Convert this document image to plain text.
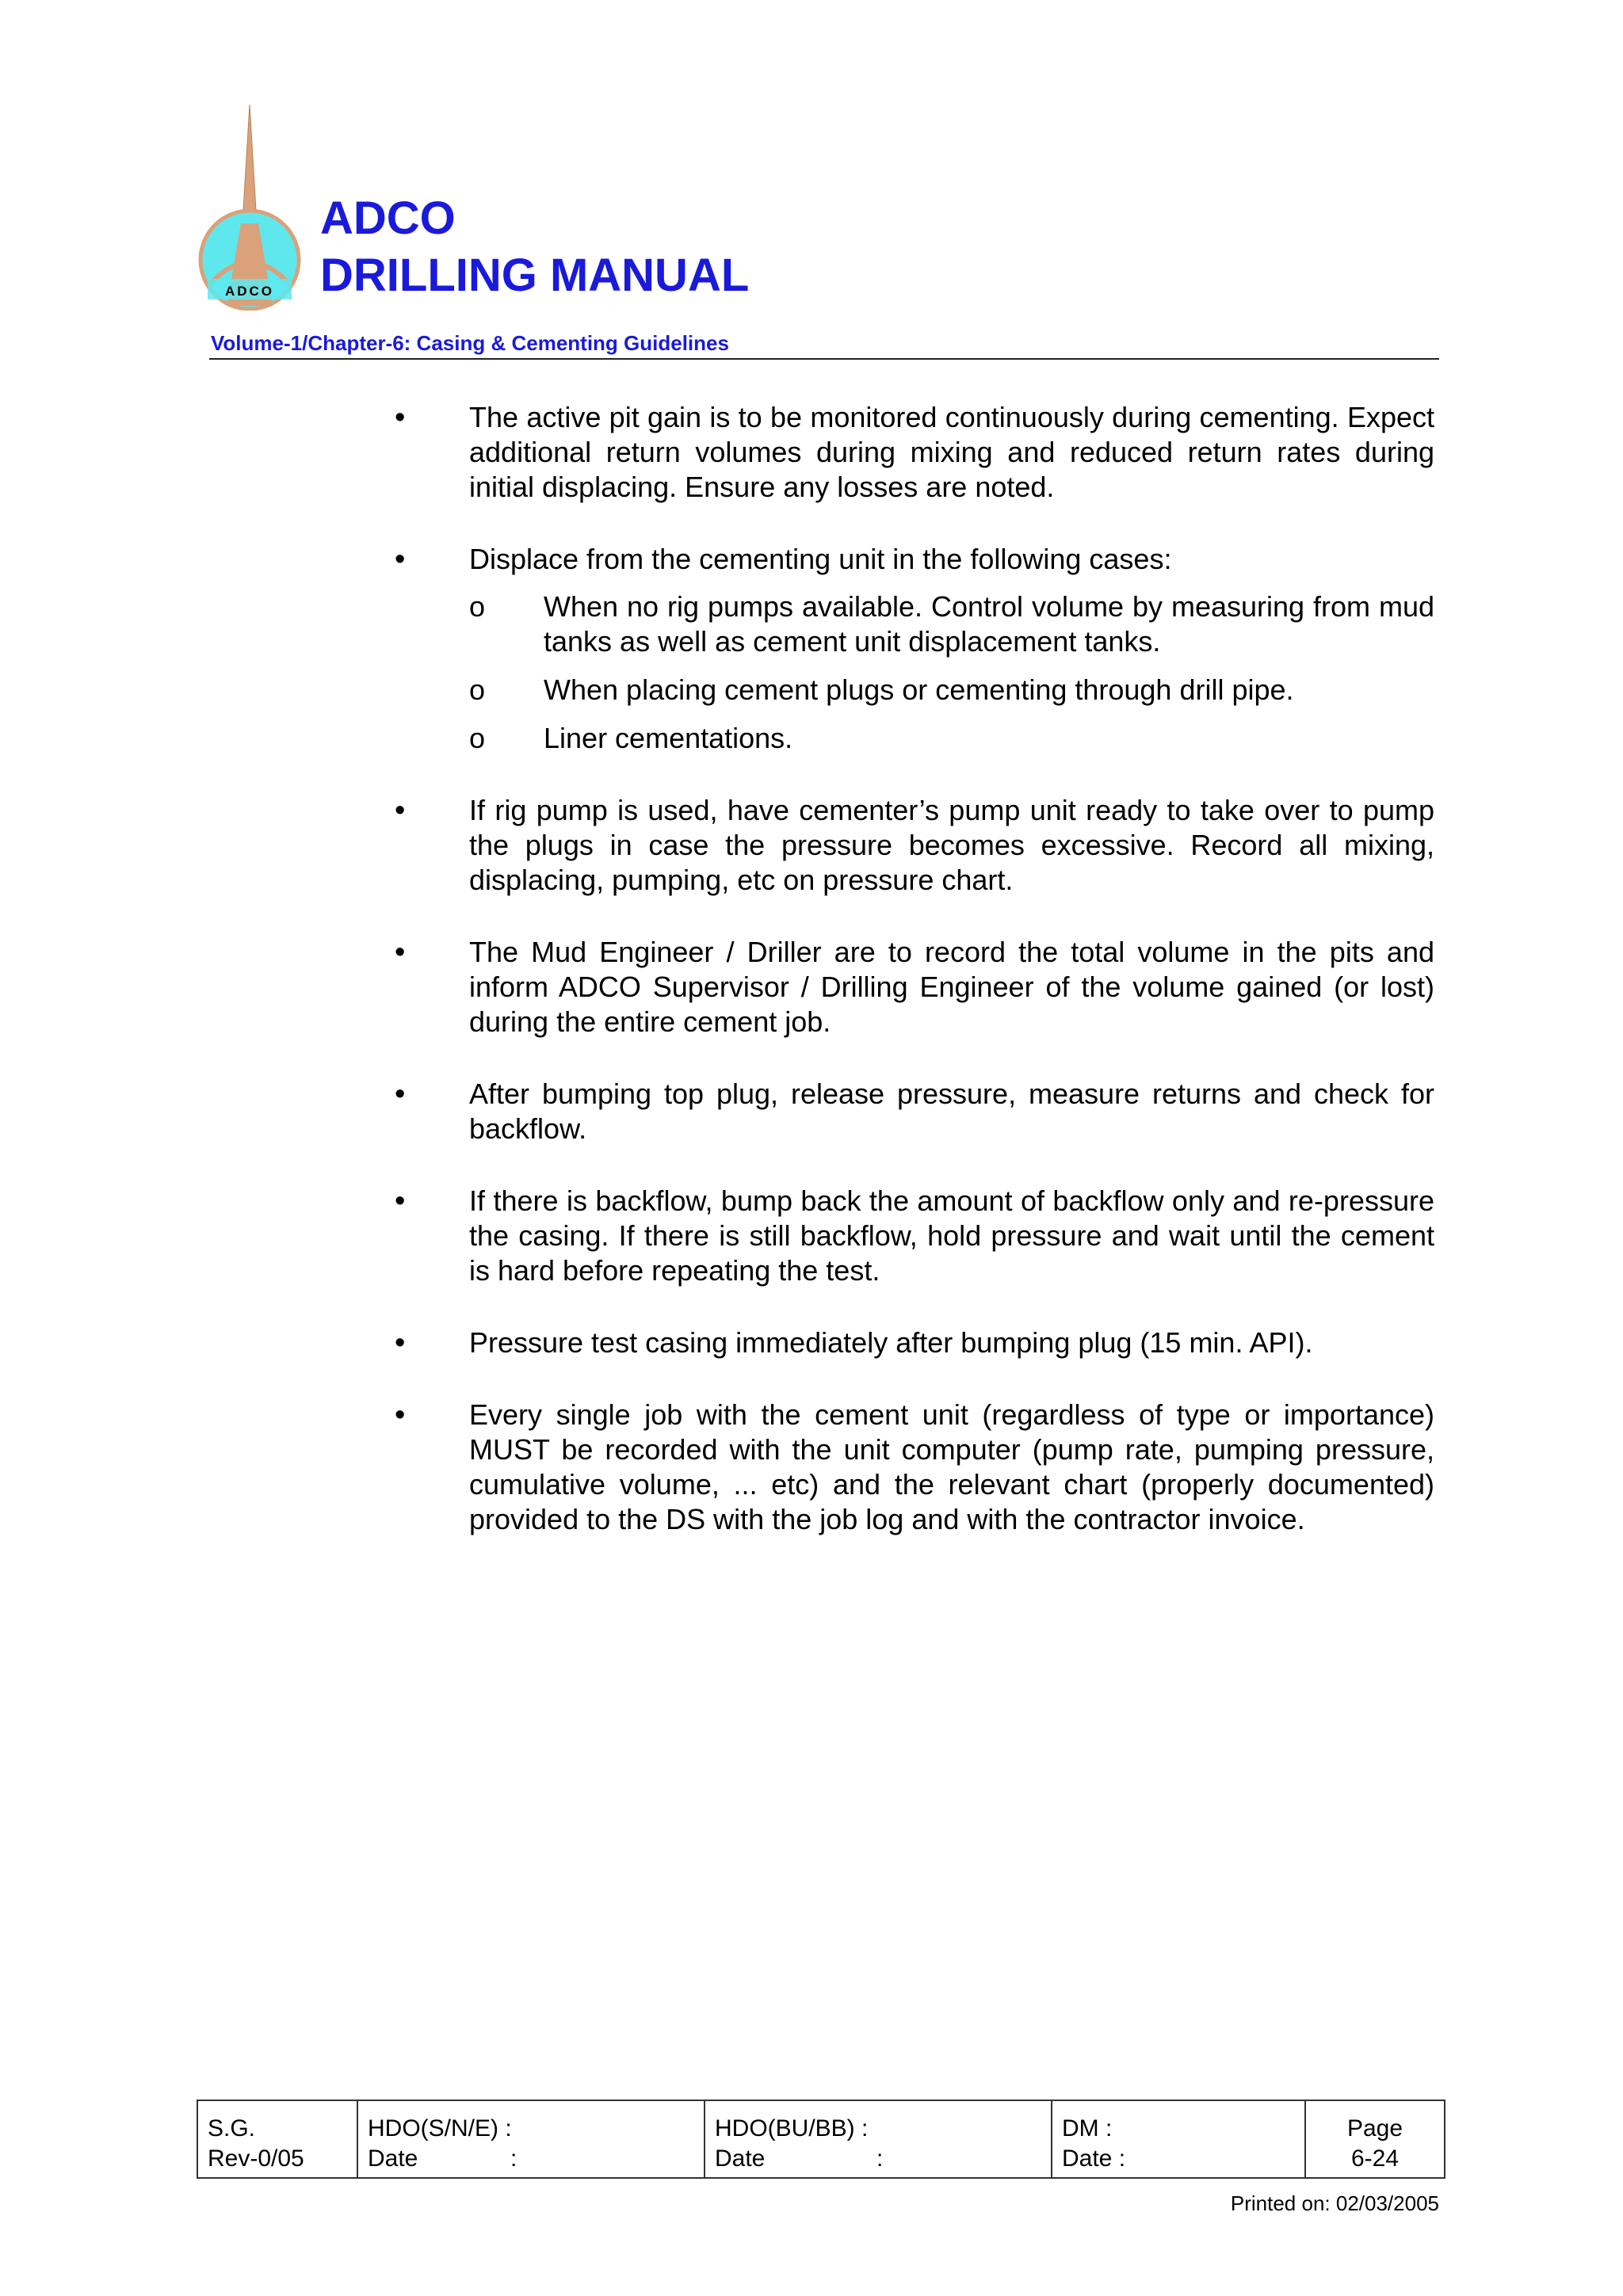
ADCO
ADCO
DRILLING MANUAL
Volume-1/Chapter-6: Casing & Cementing Guidelines
• The active pit gain is to be monitored continuously during cementing. Expect additional return volumes during mixing and reduced return rates during initial displacing. Ensure any losses are noted.
• Displace from the cementing unit in the following cases:
o When no rig pumps available. Control volume by measuring from mud tanks as well as cement unit displacement tanks.
o When placing cement plugs or cementing through drill pipe.
o Liner cementations.
• If rig pump is used, have cementer’s pump unit ready to take over to pump the plugs in case the pressure becomes excessive. Record all mixing, displacing, pumping, etc on pressure chart.
• The Mud Engineer / Driller are to record the total volume in the pits and inform ADCO Supervisor / Drilling Engineer of the volume gained (or lost) during the entire cement job.
• After bumping top plug, release pressure, measure returns and check for backflow.
• If there is backflow, bump back the amount of backflow only and re-pressure the casing. If there is still backflow, hold pressure and wait until the cement is hard before repeating the test.
• Pressure test casing immediately after bumping plug (15 min. API).
• Every single job with the cement unit (regardless of type or importance) MUST be recorded with the unit computer (pump rate, pumping pressure, cumulative volume, ... etc) and the relevant chart (properly documented) provided to the DS with the job log and with the contractor invoice.
S.G.
Rev-0/05

HDO(S/N/E) :
Date	:

HDO(BU/BB) :
Date	:

DM :
Date :

Page
6-24
Printed on: 02/03/2005
